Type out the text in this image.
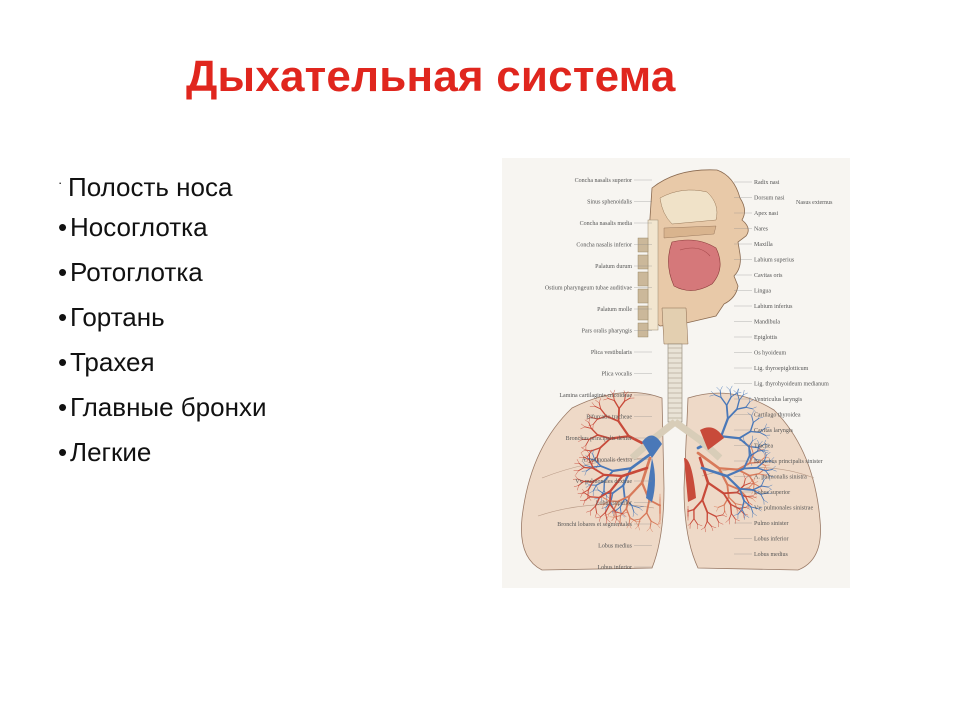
Дыхательная система
· Полость носа
• Носоглотка
• Ротоглотка
• Гортань
• Трахея
• Главные бронхи
• Легкие
Concha nasalis superior
Sinus sphenoidalis
Concha nasalis media
Concha nasalis inferior
Palatum durum
Ostium pharyngeum tubae auditivae
Palatum molle
Pars oralis pharyngis
Plica vestibularis
Plica vocalis
Lamina cartilaginis cricoideae
Bifurcatio tracheae
Bronchus principalis dexter
A. pulmonalis dextra
Vv. pulmonales dextrae
Lobus superior
Bronchi lobares et segmentales
Lobus medius
Lobus inferior
Radix nasi
Dorsum nasi
Apex nasi
Nares
Maxilla
Labium superius
Cavitas oris
Lingua
Labium inferius
Mandibula
Epiglottis
Os hyoideum
Lig. thyroepiglotticum
Lig. thyrohyoideum medianum
Ventriculus laryngis
Cartilago thyroidea
Cavitas laryngis
Trachea
Bronchus principalis sinister
A. pulmonalis sinistra
Lobus superior
Vv. pulmonales sinistrae
Pulmo sinister
Lobus inferior
Lobus medius
Nasus externus
